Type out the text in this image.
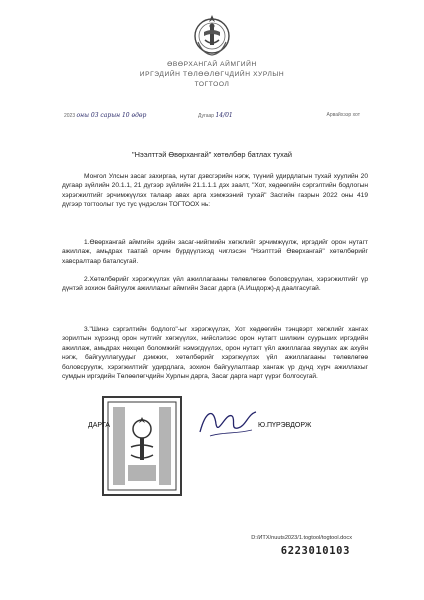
ӨВӨРХАНГАЙ АЙМГИЙН
ИРГЭДИЙН ТӨЛӨӨЛӨГЧДИЙН ХУРЛЫН
ТОГТООЛ
2023 оны 03 сарын 10 өдөр	Дугаар 14/01	Арвайхээр хот
"Нээлттэй Өвөрхангай" хөтөлбөр батлах тухай
Монгол Улсын засаг захиргаа, нутаг дэвсгэрийн нэгж, түүний удирдлагын тухай хуулийн 20 дугаар зүйлийн 20.1.1, 21 дүгээр зүйлийн 21.1.1.1 дэх заалт, "Хот, хөдөөгийн сэргэлтийн бодлогын хэрэгжилтийг эрчимжүүлэх талаар авах арга хэмжээний тухай" Засгийн газрын 2022 оны 419 дүгээр тогтоолыг тус тус үндэслэн ТОГТООХ нь:
1.Өвөрхангай аймгийн эдийн засаг-нийгмийн хөгжлийг эрчимжүүлж, иргэдийг орон нутагт ажиллаж, амьдрах таатай орчин бүрдүүлэхэд чиглэсэн "Нээлттэй Өвөрхангай" хөтөлбөрийг хавсралтаар баталсугай.
2.Хөтөлбөрийг хэрэгжүүлэх үйл ажиллагааны төлөвлөгөө боловсруулан, хэрэгжилтийг үр дүнтэй зохион байгуулж ажиллахыг аймгийн Засаг дарга (А.Ишдорж)-д даалгасугай.
3."Шинэ сэргэлтийн бодлого"-ыг хэрэгжүүлэх, Хот хөдөөгийн тэнцвэрт хөгжлийг хангах зорилтын хүрээнд орон нутгийг хөгжүүлэх, нийслэлээс орон нутагт шилжин суурьших иргэдийн ажиллаж, амьдрах нөхцөл боломжийг нэмэгдүүлэх, орон нутагт үйл ажиллагаа явуулах аж ахуйн нэгж, байгууллагуудыг дэмжих, хөтөлбөрийг хэрэгжүүлэх үйл ажиллагааны төлөвлөгөө боловсруулж, хэрэгжилтийг удирдлага, зохион байгуулалтаар хангаж үр дүнд хүрч ажиллахыг сумдын иргэдийн Төлөөлөгчдийн Хурлын дарга, Засаг дарга нарт үүрэг болгосугай.
ДАРГА	Ю.ПҮРЭВДОРЖ
D:/ИТХ/nuuts2023/1.togtool/togtool.docx
6223010103
